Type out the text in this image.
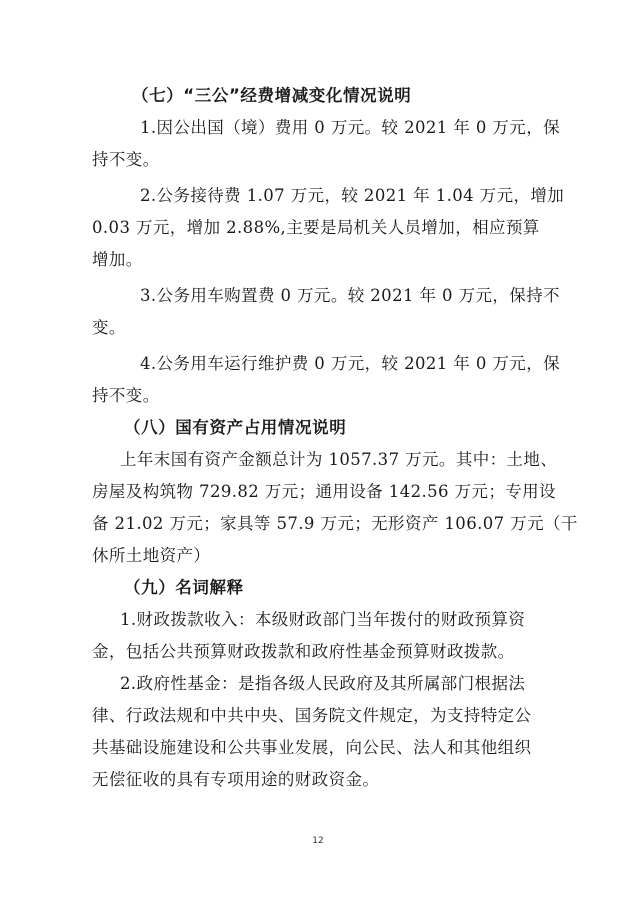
（七）“三公”经费增减变化情况说明
1.因公出国（境）费用 0 万元。较 2021 年 0 万元，保
持不变。
2.公务接待费 1.07 万元，较 2021 年 1.04 万元，增加
0.03 万元，增加 2.88%,主要是局机关人员增加，相应预算
增加。
3.公务用车购置费 0 万元。较 2021 年 0 万元，保持不
变。
4.公务用车运行维护费 0 万元，较 2021 年 0 万元，保
持不变。
（八）国有资产占用情况说明
上年末国有资产金额总计为 1057.37 万元。其中：土地、
房屋及构筑物 729.82 万元；通用设备 142.56 万元；专用设
备 21.02 万元；家具等 57.9 万元；无形资产 106.07 万元（干
休所土地资产）
（九）名词解释
1.财政拨款收入：本级财政部门当年拨付的财政预算资
金，包括公共预算财政拨款和政府性基金预算财政拨款。
2.政府性基金：是指各级人民政府及其所属部门根据法
律、行政法规和中共中央、国务院文件规定，为支持特定公
共基础设施建设和公共事业发展，向公民、法人和其他组织
无偿征收的具有专项用途的财政资金。
12
